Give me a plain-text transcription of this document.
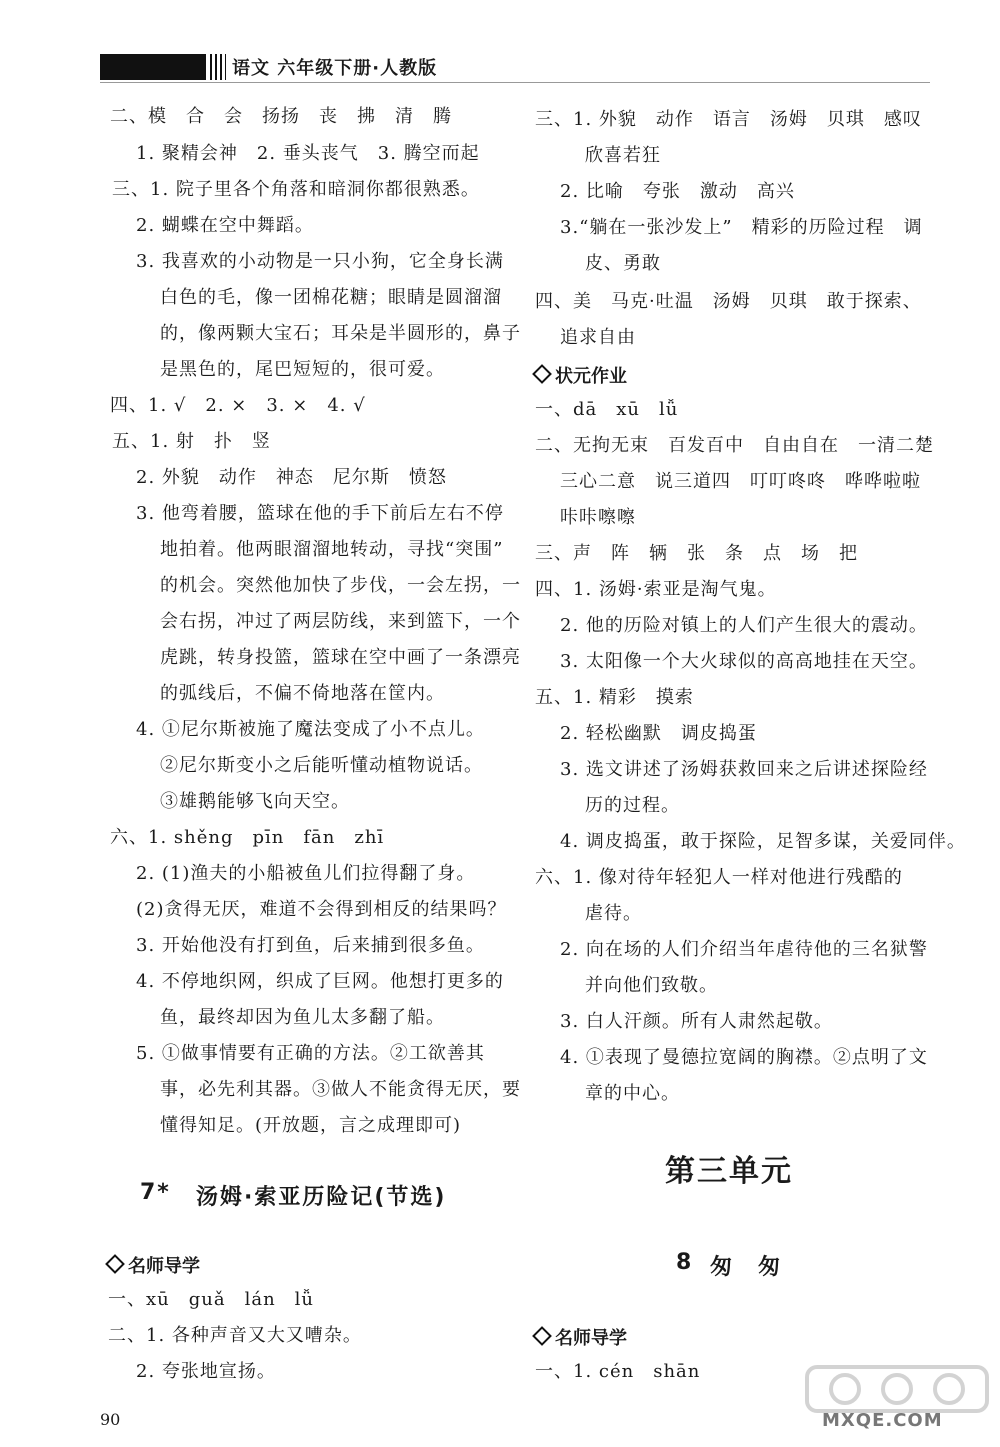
语文 六年级下册·人教版
二、模　合　会　扬扬　丧　拂　清　腾
1. 聚精会神　2. 垂头丧气　3. 腾空而起
三、1. 院子里各个角落和暗洞你都很熟悉。
2. 蝴蝶在空中舞蹈。
3. 我喜欢的小动物是一只小狗，它全身长满
白色的毛，像一团棉花糖；眼睛是圆溜溜
的，像两颗大宝石；耳朵是半圆形的，鼻子
是黑色的，尾巴短短的，很可爱。
四、1. √　2. ×　3. ×　4. √
五、1. 射　扑　竖
2. 外貌　动作　神态　尼尔斯　愤怒
3. 他弯着腰，篮球在他的手下前后左右不停
地拍着。他两眼溜溜地转动，寻找“突围”
的机会。突然他加快了步伐，一会左拐，一
会右拐，冲过了两层防线，来到篮下，一个
虎跳，转身投篮，篮球在空中画了一条漂亮
的弧线后，不偏不倚地落在筐内。
4. ①尼尔斯被施了魔法变成了小不点儿。
②尼尔斯变小之后能听懂动植物说话。
③雄鹅能够飞向天空。
六、1. shěng　pīn　fān　zhī
2. (1)渔夫的小船被鱼儿们拉得翻了身。
(2)贪得无厌，难道不会得到相反的结果吗？
3. 开始他没有打到鱼，后来捕到很多鱼。
4. 不停地织网，织成了巨网。他想打更多的
鱼，最终却因为鱼儿太多翻了船。
5. ①做事情要有正确的方法。②工欲善其
事，必先利其器。③做人不能贪得无厌，要
懂得知足。(开放题，言之成理即可)
7* 汤姆·索亚历险记(节选)
名师导学
一、xū　guǎ　lán　lǚ
二、1. 各种声音又大又嘈杂。
2. 夸张地宣扬。
三、1. 外貌　动作　语言　汤姆　贝琪　感叹
欣喜若狂
2. 比喻　夸张　激动　高兴
3.“躺在一张沙发上”　精彩的历险过程　调
皮、勇敢
四、美　马克·吐温　汤姆　贝琪　敢于探索、
追求自由
状元作业
一、dā　xū　lǚ
二、无拘无束　百发百中　自由自在　一清二楚
三心二意　说三道四　叮叮咚咚　哗哗啦啦
咔咔嚓嚓
三、声　阵　辆　张　条　点　场　把
四、1. 汤姆·索亚是淘气鬼。
2. 他的历险对镇上的人们产生很大的震动。
3. 太阳像一个大火球似的高高地挂在天空。
五、1. 精彩　摸索
2. 轻松幽默　调皮捣蛋
3. 选文讲述了汤姆获救回来之后讲述探险经
历的过程。
4. 调皮捣蛋，敢于探险，足智多谋，关爱同伴。
六、1. 像对待年轻犯人一样对他进行残酷的
虐待。
2. 向在场的人们介绍当年虐待他的三名狱警
并向他们致敬。
3. 白人汗颜。所有人肃然起敬。
4. ①表现了曼德拉宽阔的胸襟。②点明了文
章的中心。
第三单元
8 匆　匆
名师导学
一、1. cén　shān
90	MXQE.COM
